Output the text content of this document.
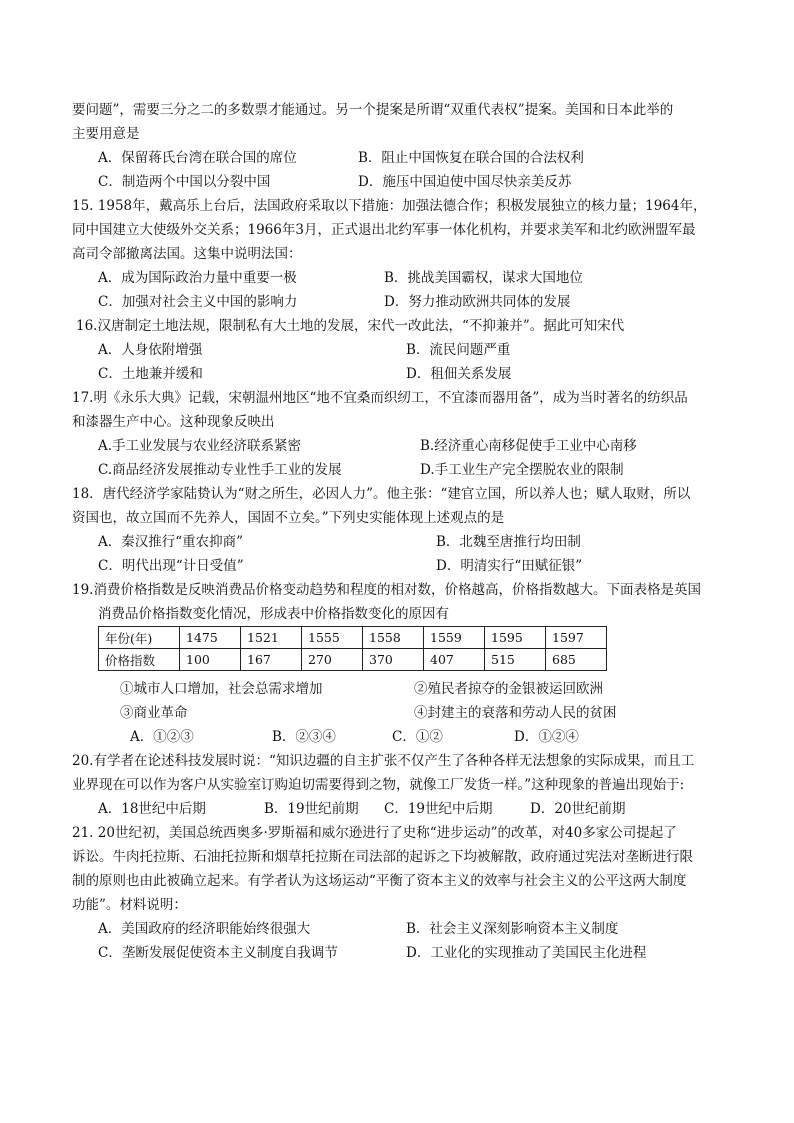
要问题”，需要三分之二的多数票才能通过。另一个提案是所谓“双重代表权”提案。美国和日本此举的
主要用意是
A．保留蒋氏台湾在联合国的席位	B．阻止中国恢复在联合国的合法权利
C．制造两个中国以分裂中国	D．施压中国迫使中国尽快亲美反苏
15. 1958年，戴高乐上台后，法国政府采取以下措施：加强法德合作；积极发展独立的核力量；1964年，
同中国建立大使级外交关系；1966年3月，正式退出北约军事一体化机构，并要求美军和北约欧洲盟军最
高司令部撤离法国。这集中说明法国：
A．成为国际政治力量中重要一极	B．挑战美国霸权，谋求大国地位
C．加强对社会主义中国的影响力	D．努力推动欧洲共同体的发展
16.汉唐制定土地法规，限制私有大土地的发展，宋代一改此法，“不抑兼并”。据此可知宋代
A．人身依附增强	B．流民问题严重
C．土地兼并缓和	D．租佃关系发展
17.明《永乐大典》记载，宋朝温州地区“地不宜桑而织纫工，不宜漆而器用备”，成为当时著名的纺织品
和漆器生产中心。这种现象反映出
A.手工业发展与农业经济联系紧密	B.经济重心南移促使手工业中心南移
C.商品经济发展推动专业性手工业的发展	D.手工业生产完全摆脱农业的限制
18．唐代经济学家陆贽认为“财之所生，必因人力”。他主张：“建官立国，所以养人也；赋人取财，所以
资国也，故立国而不先养人，国固不立矣。”下列史实能体现上述观点的是
A．秦汉推行“重农抑商”	B．北魏至唐推行均田制
C．明代出现“计日受值”	D．明清实行“田赋征银”
19.消费价格指数是反映消费品价格变动趋势和程度的相对数，价格越高，价格指数越大。下面表格是英国
消费品价格指数变化情况，形成表中价格指数变化的原因有
年份(年)	1475	1521	1555	1558	1559	1595	1597
价格指数	100	167	270	370	407	515	685
①城市人口增加，社会总需求增加	②殖民者掠夺的金银被运回欧洲
③商业革命	④封建主的衰落和劳动人民的贫困
A．①②③	B．②③④	C．①②	D．①②④
20.有学者在论述科技发展时说：“知识边疆的自主扩张不仅产生了各种各样无法想象的实际成果，而且工
业界现在可以作为客户从实验室订购迫切需要得到之物，就像工厂发货一样。”这种现象的普遍出现始于:
A．18世纪中后期	B．19世纪前期 C．19世纪中后期	D．20世纪前期
21. 20世纪初，美国总统西奥多·罗斯福和威尔逊进行了史称“进步运动”的改革，对40多家公司提起了
诉讼。牛肉托拉斯、石油托拉斯和烟草托拉斯在司法部的起诉之下均被解散，政府通过宪法对垄断进行限
制的原则也由此被确立起来。有学者认为这场运动“平衡了资本主义的效率与社会主义的公平这两大制度
功能”。材料说明：
A．美国政府的经济职能始终很强大	B．社会主义深刻影响资本主义制度
C．垄断发展促使资本主义制度自我调节	D．工业化的实现推动了美国民主化进程
